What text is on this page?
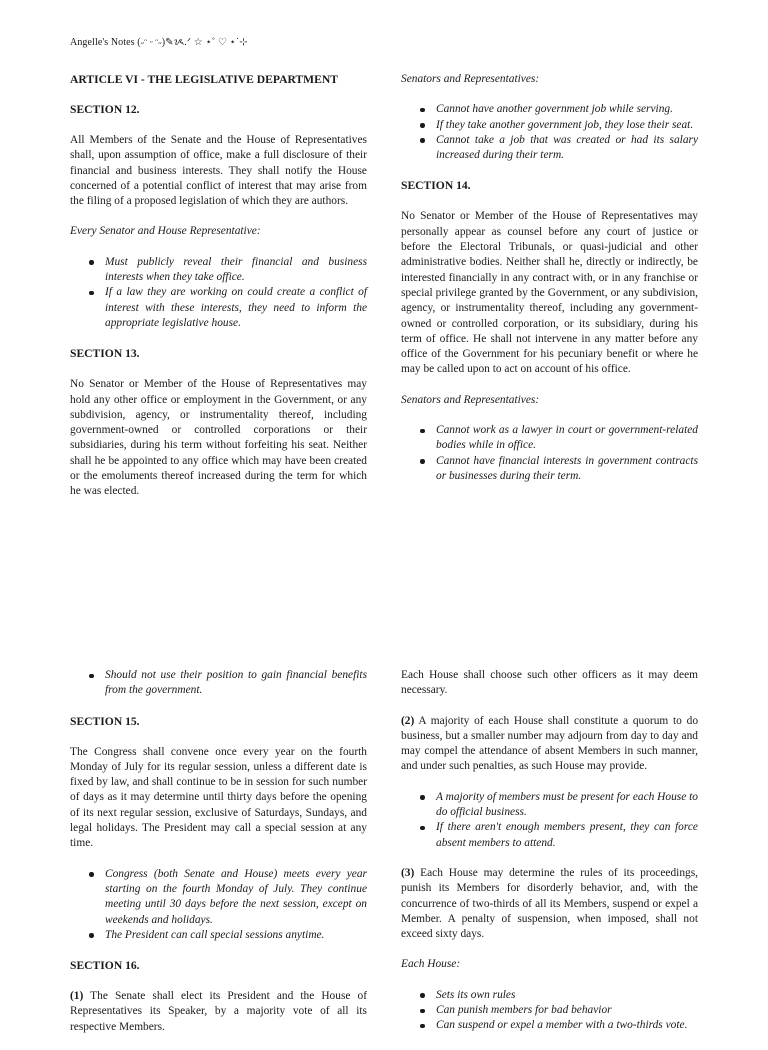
Angelle's Notes (˶ᵔ ᵕ ᵔ˶)✎ᝰ.ᐟ ☆ ⋆˚ ♡ ⋆˙⊹
ARTICLE VI - THE LEGISLATIVE DEPARTMENT
SECTION 12.

All Members of the Senate and the House of Representatives shall, upon assumption of office, make a full disclosure of their financial and business interests. They shall notify the House concerned of a potential conflict of interest that may arise from the filing of a proposed legislation of which they are authors.

Every Senator and House Representative:

Must publicly reveal their financial and business interests when they take office.
If a law they are working on could create a conflict of interest with these interests, they need to inform the appropriate legislative house.
SECTION 13.

No Senator or Member of the House of Representatives may hold any other office or employment in the Government, or any subdivision, agency, or instrumentality thereof, including government-owned or controlled corporations or their subsidiaries, during his term without forfeiting his seat. Neither shall he be appointed to any office which may have been created or the emoluments thereof increased during the term for which he was elected.

Senators and Representatives:

Cannot have another government job while serving.
If they take another government job, they lose their seat.
Cannot take a job that was created or had its salary increased during their term.
SECTION 14.

No Senator or Member of the House of Representatives may personally appear as counsel before any court of justice or before the Electoral Tribunals, or quasi-judicial and other administrative bodies. Neither shall he, directly or indirectly, be interested financially in any contract with, or in any franchise or special privilege granted by the Government, or any subdivision, agency, or instrumentality thereof, including any government-owned or controlled corporation, or its subsidiary, during his term of office. He shall not intervene in any matter before any office of the Government for his pecuniary benefit or where he may be called upon to act on account of his office.

Senators and Representatives:

Cannot work as a lawyer in court or government-related bodies while in office.
Cannot have financial interests in government contracts or businesses during their term.
Should not use their position to gain financial benefits from the government.
SECTION 15.

The Congress shall convene once every year on the fourth Monday of July for its regular session, unless a different date is fixed by law, and shall continue to be in session for such number of days as it may determine until thirty days before the opening of its next regular session, exclusive of Saturdays, Sundays, and legal holidays. The President may call a special session at any time.

Congress (both Senate and House) meets every year starting on the fourth Monday of July. They continue meeting until 30 days before the next session, except on weekends and holidays.
The President can call special sessions anytime.
SECTION 16.

(1) The Senate shall elect its President and the House of Representatives its Speaker, by a majority vote of all its respective Members.

Each House shall choose such other officers as it may deem necessary.

(2) A majority of each House shall constitute a quorum to do business, but a smaller number may adjourn from day to day and may compel the attendance of absent Members in such manner, and under such penalties, as such House may provide.

A majority of members must be present for each House to do official business.
If there aren't enough members present, they can force absent members to attend.

(3) Each House may determine the rules of its proceedings, punish its Members for disorderly behavior, and, with the concurrence of two-thirds of all its Members, suspend or expel a Member. A penalty of suspension, when imposed, shall not exceed sixty days.

Each House:

Sets its own rules
Can punish members for bad behavior
Can suspend or expel a member with a two-thirds vote.
